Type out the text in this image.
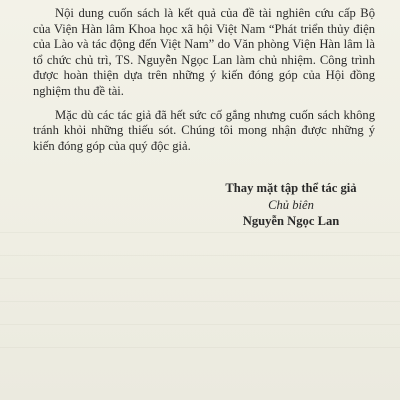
Nội dung cuốn sách là kết quả của đề tài nghiên cứu cấp Bộ của Viện Hàn lâm Khoa học xã hội Việt Nam “Phát triển thủy điện của Lào và tác động đến Việt Nam” do Văn phòng Viện Hàn lâm là tổ chức chủ trì, TS. Nguyễn Ngọc Lan làm chủ nhiệm. Công trình được hoàn thiện dựa trên những ý kiến đóng góp của Hội đồng nghiệm thu đề tài.

Mặc dù các tác giả đã hết sức cố gắng nhưng cuốn sách không tránh khỏi những thiếu sót. Chúng tôi mong nhận được những ý kiến đóng góp của quý độc giả.

Thay mặt tập thể tác giả
Chủ biên
Nguyễn Ngọc Lan
